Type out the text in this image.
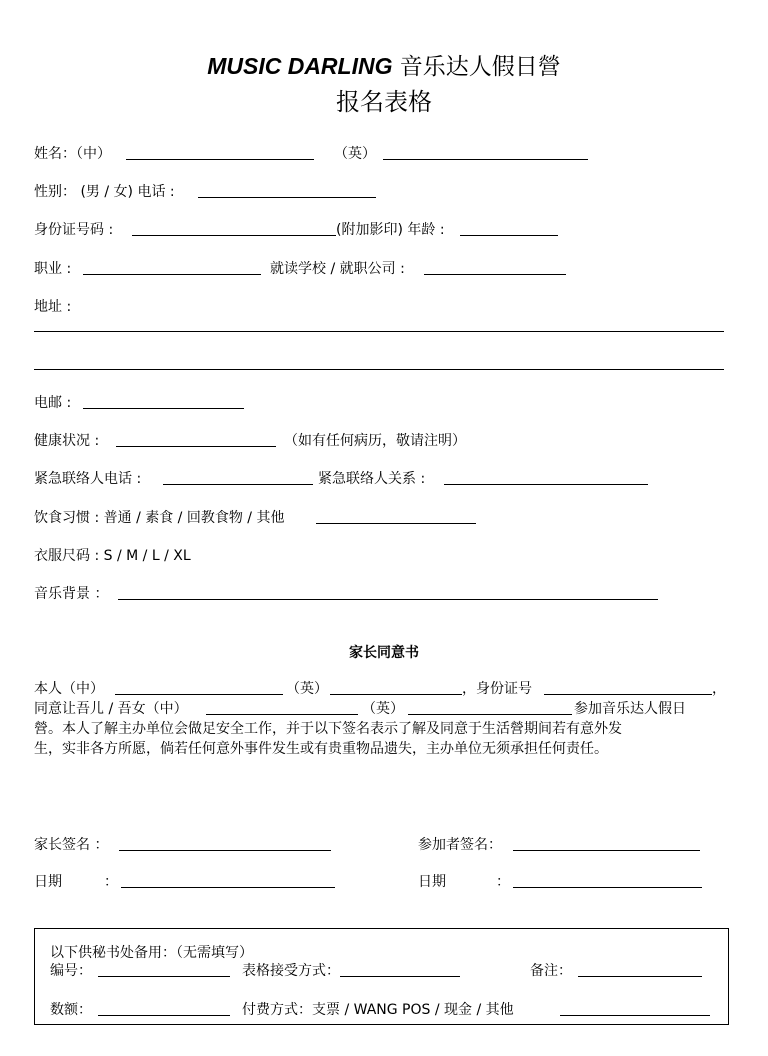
MUSIC DARLING 音乐达人假日營
报名表格
姓名：（中）	（英）
性别： (男 / 女) 电话 :
身份证号码 :	(附加影印) 年龄 :
职业 :	就读学校 / 就职公司 :
地址 :
电邮 :
健康状况 :	（如有任何病历，敬请注明）
紧急联络人电话 :	紧急联络人关系 :
饮食习惯 : 普通 / 素食 / 回教食物 / 其他
衣服尺码 : S / M / L / XL
音乐背景 ：
家长同意书
本人（中）	（英）	，身份证号	，
同意让吾儿 / 吾女（中）	（英）	参加音乐达人假日
營。本人了解主办单位会做足安全工作，并于以下签名表示了解及同意于生活營期间若有意外发
生，实非各方所愿，倘若任何意外事件发生或有贵重物品遗失，主办单位无须承担任何责任。
家长签名 ：	参加者签名：
日期	：	日期	：
以下供秘书处备用：（无需填写）
编号：	表格接受方式：	备注：
数额：	付费方式：支票 / WANG POS / 现金 / 其他
